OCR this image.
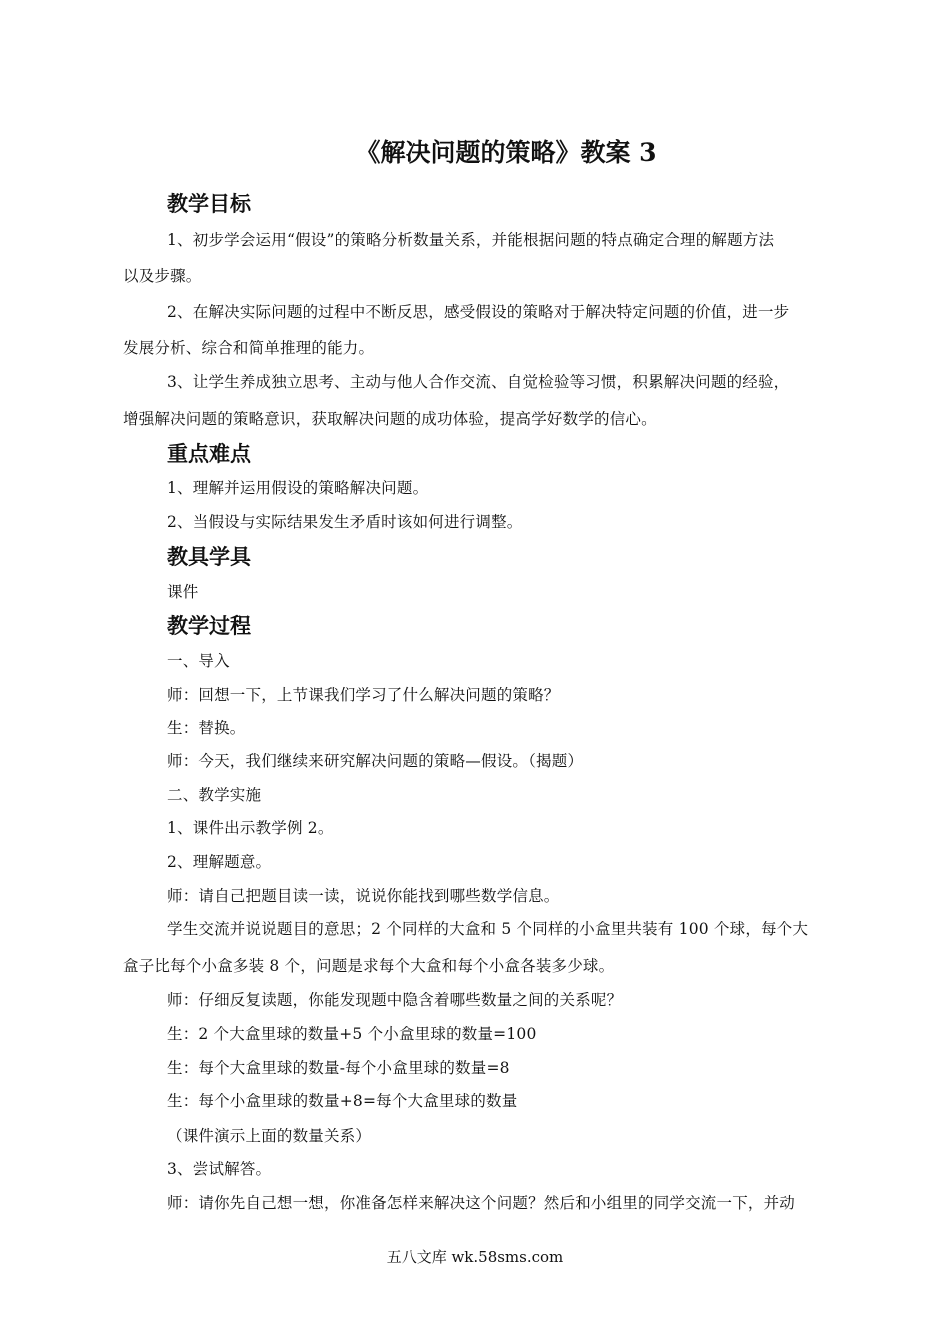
《解决问题的策略》教案 3
教学目标
1、初步学会运用“假设”的策略分析数量关系，并能根据问题的特点确定合理的解题方法
以及步骤。
2、在解决实际问题的过程中不断反思，感受假设的策略对于解决特定问题的价值，进一步
发展分析、综合和简单推理的能力。
3、让学生养成独立思考、主动与他人合作交流、自觉检验等习惯，积累解决问题的经验，
增强解决问题的策略意识，获取解决问题的成功体验，提高学好数学的信心。
重点难点
1、理解并运用假设的策略解决问题。
2、当假设与实际结果发生矛盾时该如何进行调整。
教具学具
课件
教学过程
一、导入
师：回想一下，上节课我们学习了什么解决问题的策略？
生：替换。
师：今天，我们继续来研究解决问题的策略—假设。（揭题）
二、教学实施
1、课件出示教学例 2。
2、理解题意。
师：请自己把题目读一读，说说你能找到哪些数学信息。
学生交流并说说题目的意思；2 个同样的大盒和 5 个同样的小盒里共装有 100 个球，每个大
盒子比每个小盒多装 8 个，问题是求每个大盒和每个小盒各装多少球。
师：仔细反复读题，你能发现题中隐含着哪些数量之间的关系呢？
生：2 个大盒里球的数量+5 个小盒里球的数量=100
生：每个大盒里球的数量-每个小盒里球的数量=8
生：每个小盒里球的数量+8=每个大盒里球的数量
（课件演示上面的数量关系）
3、尝试解答。
师：请你先自己想一想，你准备怎样来解决这个问题？然后和小组里的同学交流一下，并动
五八文库 wk.58sms.com
